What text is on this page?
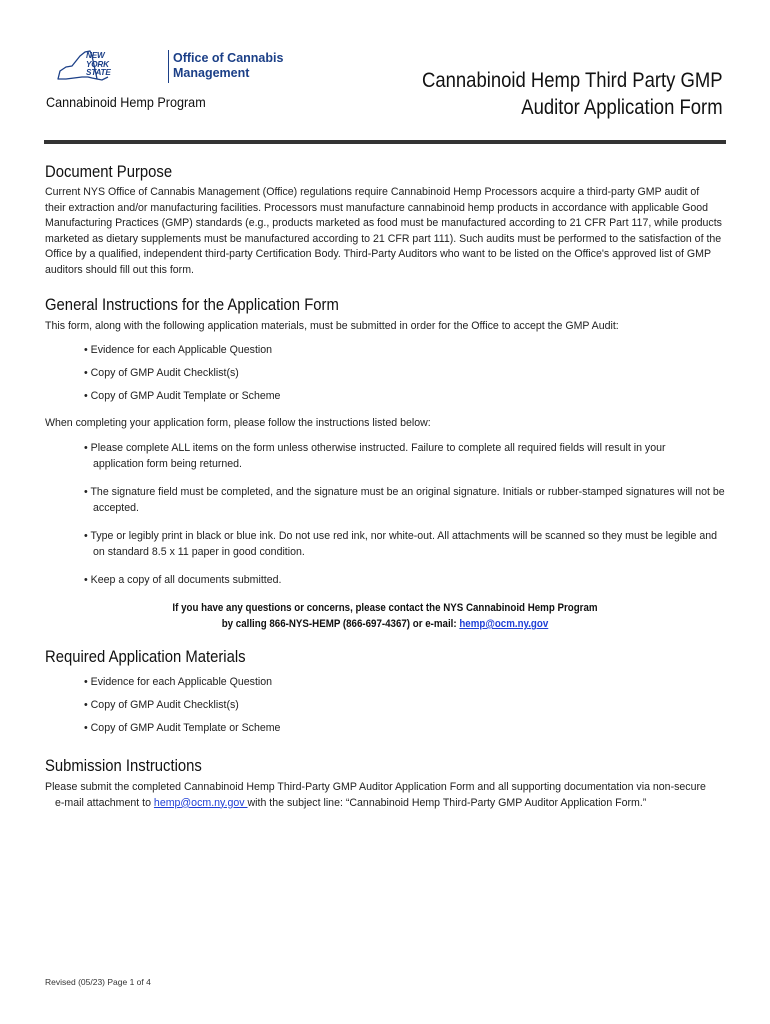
NEW
YORK
STATE
Office of Cannabis
Management
Cannabinoid Hemp Program
Cannabinoid Hemp Third Party GMP
Auditor Application Form
Document Purpose
Current NYS Office of Cannabis Management (Office) regulations require Cannabinoid Hemp Processors acquire a third-party GMP audit of
their extraction and/or manufacturing facilities. Processors must manufacture cannabinoid hemp products in accordance with applicable Good
Manufacturing Practices (GMP) standards (e.g., products marketed as food must be manufactured according to 21 CFR Part 117, while products
marketed as dietary supplements must be manufactured according to 21 CFR part 111). Such audits must be performed to the satisfaction of the
Office by a qualified, independent third-party Certification Body. Third-Party Auditors who want to be listed on the Office's approved list of GMP
auditors should fill out this form.
General Instructions for the Application Form
This form, along with the following application materials, must be submitted in order for the Office to accept the GMP Audit:
• Evidence for each Applicable Question
• Copy of GMP Audit Checklist(s)
• Copy of GMP Audit Template or Scheme
When completing your application form, please follow the instructions listed below:
• Please complete ALL items on the form unless otherwise instructed. Failure to complete all required fields will result in your
application form being returned.
• The signature field must be completed, and the signature must be an original signature. Initials or rubber-stamped signatures will not be
accepted.
• Type or legibly print in black or blue ink. Do not use red ink, nor white-out. All attachments will be scanned so they must be legible and
on standard 8.5 x 11 paper in good condition.
• Keep a copy of all documents submitted.
If you have any questions or concerns, please contact the NYS Cannabinoid Hemp Program
by calling 866-NYS-HEMP (866-697-4367) or e-mail: hemp@ocm.ny.gov
Required Application Materials
• Evidence for each Applicable Question
• Copy of GMP Audit Checklist(s)
• Copy of GMP Audit Template or Scheme
Submission Instructions
Please submit the completed Cannabinoid Hemp Third-Party GMP Auditor Application Form and all supporting documentation via non-secure
e-mail attachment to hemp@ocm.ny.gov with the subject line: “Cannabinoid Hemp Third-Party GMP Auditor Application Form.”
Revised (05/23) Page 1 of 4
